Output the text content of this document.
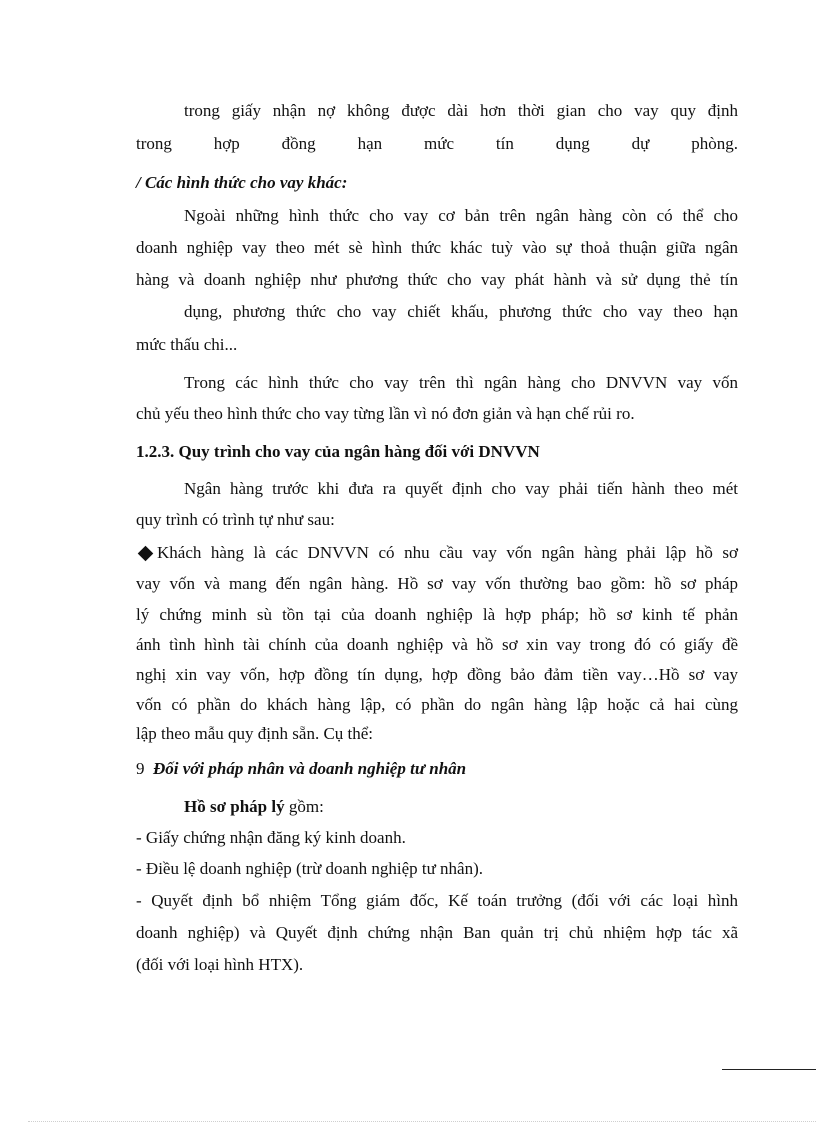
trong giấy nhận nợ không được dài hơn thời gian cho vay quy định

trong hợp đồng hạn mức tín dụng dự phòng.

/ Các hình thức cho vay khác:

Ngoài những hình thức cho vay cơ bản trên ngân hàng còn có thể cho

doanh nghiệp vay theo mét sè hình thức khác tuỳ vào sự thoả thuận giữa ngân

hàng và doanh nghiệp như phương thức cho vay phát hành và sử dụng thẻ tín

dụng, phương thức cho vay chiết khấu, phương thức cho vay theo hạn

mức thấu chi...

Trong các hình thức cho vay trên thì ngân hàng cho DNVVN vay vốn

chủ yếu theo hình thức cho vay từng lần vì nó đơn giản và hạn chế rủi ro.

1.2.3. Quy trình cho vay của ngân hàng đối với DNVVN

Ngân hàng trước khi đưa ra quyết định cho vay phải tiến hành theo mét

quy trình có trình tự như sau:

Khách hàng là các DNVVN có nhu cầu vay vốn ngân hàng phải lập hồ sơ

vay vốn và mang đến ngân hàng. Hồ sơ vay vốn thường bao gồm: hồ sơ pháp

lý chứng minh sù tồn tại của doanh nghiệp là hợp pháp; hồ sơ kinh tế phản

ánh tình hình tài chính của doanh nghiệp và hồ sơ xin vay trong đó có giấy đề

nghị xin vay vốn, hợp đồng tín dụng, hợp đồng bảo đảm tiền vay…Hồ sơ vay

vốn có phần do khách hàng lập, có phần do ngân hàng lập hoặc cả hai cùng

lập theo mẫu quy định sẵn. Cụ thể:

9 Đối với pháp nhân và doanh nghiệp tư nhân
Hồ sơ pháp lý gồm:

- Giấy chứng nhận đăng ký kinh doanh.

- Điều lệ doanh nghiệp (trừ doanh nghiệp tư nhân).

- Quyết định bổ nhiệm Tổng giám đốc, Kế toán trưởng (đối với các loại hình

doanh nghiệp) và Quyết định chứng nhận Ban quản trị chủ nhiệm hợp tác xã

(đối với loại hình HTX).
